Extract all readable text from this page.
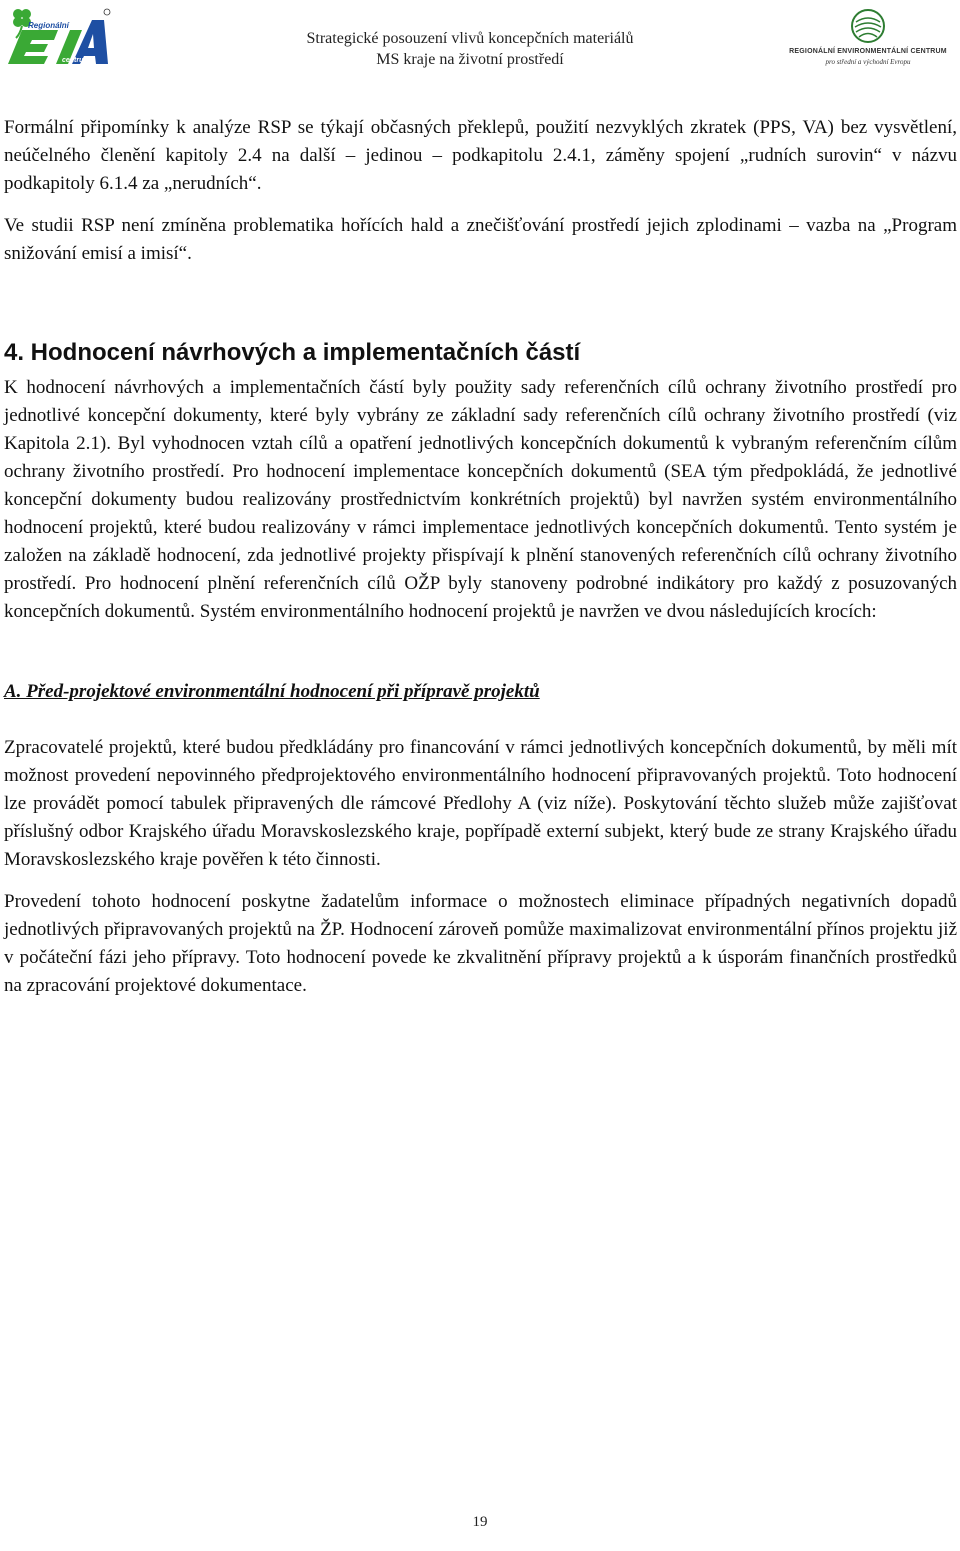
Regionální
centrum
Strategické posouzení vlivů koncepčních materiálů
MS kraje na životní prostředí	REGIONÁLNÍ ENVIRONMENTÁLNÍ CENTRUM
pro střední a východní Evropu

Formální připomínky k analýze RSP se týkají občasných překlepů, použití nezvyklých zkratek (PPS, VA) bez vysvětlení, neúčelného členění kapitoly 2.4 na další – jedinou – podkapitolu 2.4.1, záměny spojení „rudních surovin“ v názvu podkapitoly 6.1.4 za „nerudních“.

Ve studii RSP není zmíněna problematika hořících hald a znečišťování prostředí jejich zplodinami – vazba na „Program snižování emisí a imisí“.

4. Hodnocení návrhových a implementačních částí

K hodnocení návrhových a implementačních částí byly použity sady referenčních cílů ochrany životního prostředí pro jednotlivé koncepční dokumenty, které byly vybrány ze základní sady referenčních cílů ochrany životního prostředí (viz Kapitola 2.1). Byl vyhodnocen vztah cílů a opatření jednotlivých koncepčních dokumentů k vybraným referenčním cílům ochrany životního prostředí. Pro hodnocení implementace koncepčních dokumentů (SEA tým předpokládá, že jednotlivé koncepční dokumenty budou realizovány prostřednictvím konkrétních projektů) byl navržen systém environmentálního hodnocení projektů, které budou realizovány v rámci implementace jednotlivých koncepčních dokumentů. Tento systém je založen na základě hodnocení, zda jednotlivé projekty přispívají k plnění stanovených referenčních cílů ochrany životního prostředí. Pro hodnocení plnění referenčních cílů OŽP byly stanoveny podrobné indikátory pro každý z posuzovaných koncepčních dokumentů. Systém environmentálního hodnocení projektů je navržen ve dvou následujících krocích:

A. Před-projektové environmentální hodnocení při přípravě projektů

Zpracovatelé projektů, které budou předkládány pro financování v rámci jednotlivých koncepčních dokumentů, by měli mít možnost provedení nepovinného předprojektového environmentálního hodnocení připravovaných projektů. Toto hodnocení lze provádět pomocí tabulek připravených dle rámcové Předlohy A (viz níže). Poskytování těchto služeb může zajišťovat příslušný odbor Krajského úřadu Moravskoslezského kraje, popřípadě externí subjekt, který bude ze strany Krajského úřadu Moravskoslezského kraje pověřen k této činnosti.

Provedení tohoto hodnocení poskytne žadatelům informace o možnostech eliminace případných negativních dopadů jednotlivých připravovaných projektů na ŽP. Hodnocení zároveň pomůže maximalizovat environmentální přínos projektu již v počáteční fázi jeho přípravy. Toto hodnocení povede ke zkvalitnění přípravy projektů a k úsporám finančních prostředků na zpracování projektové dokumentace.

19
